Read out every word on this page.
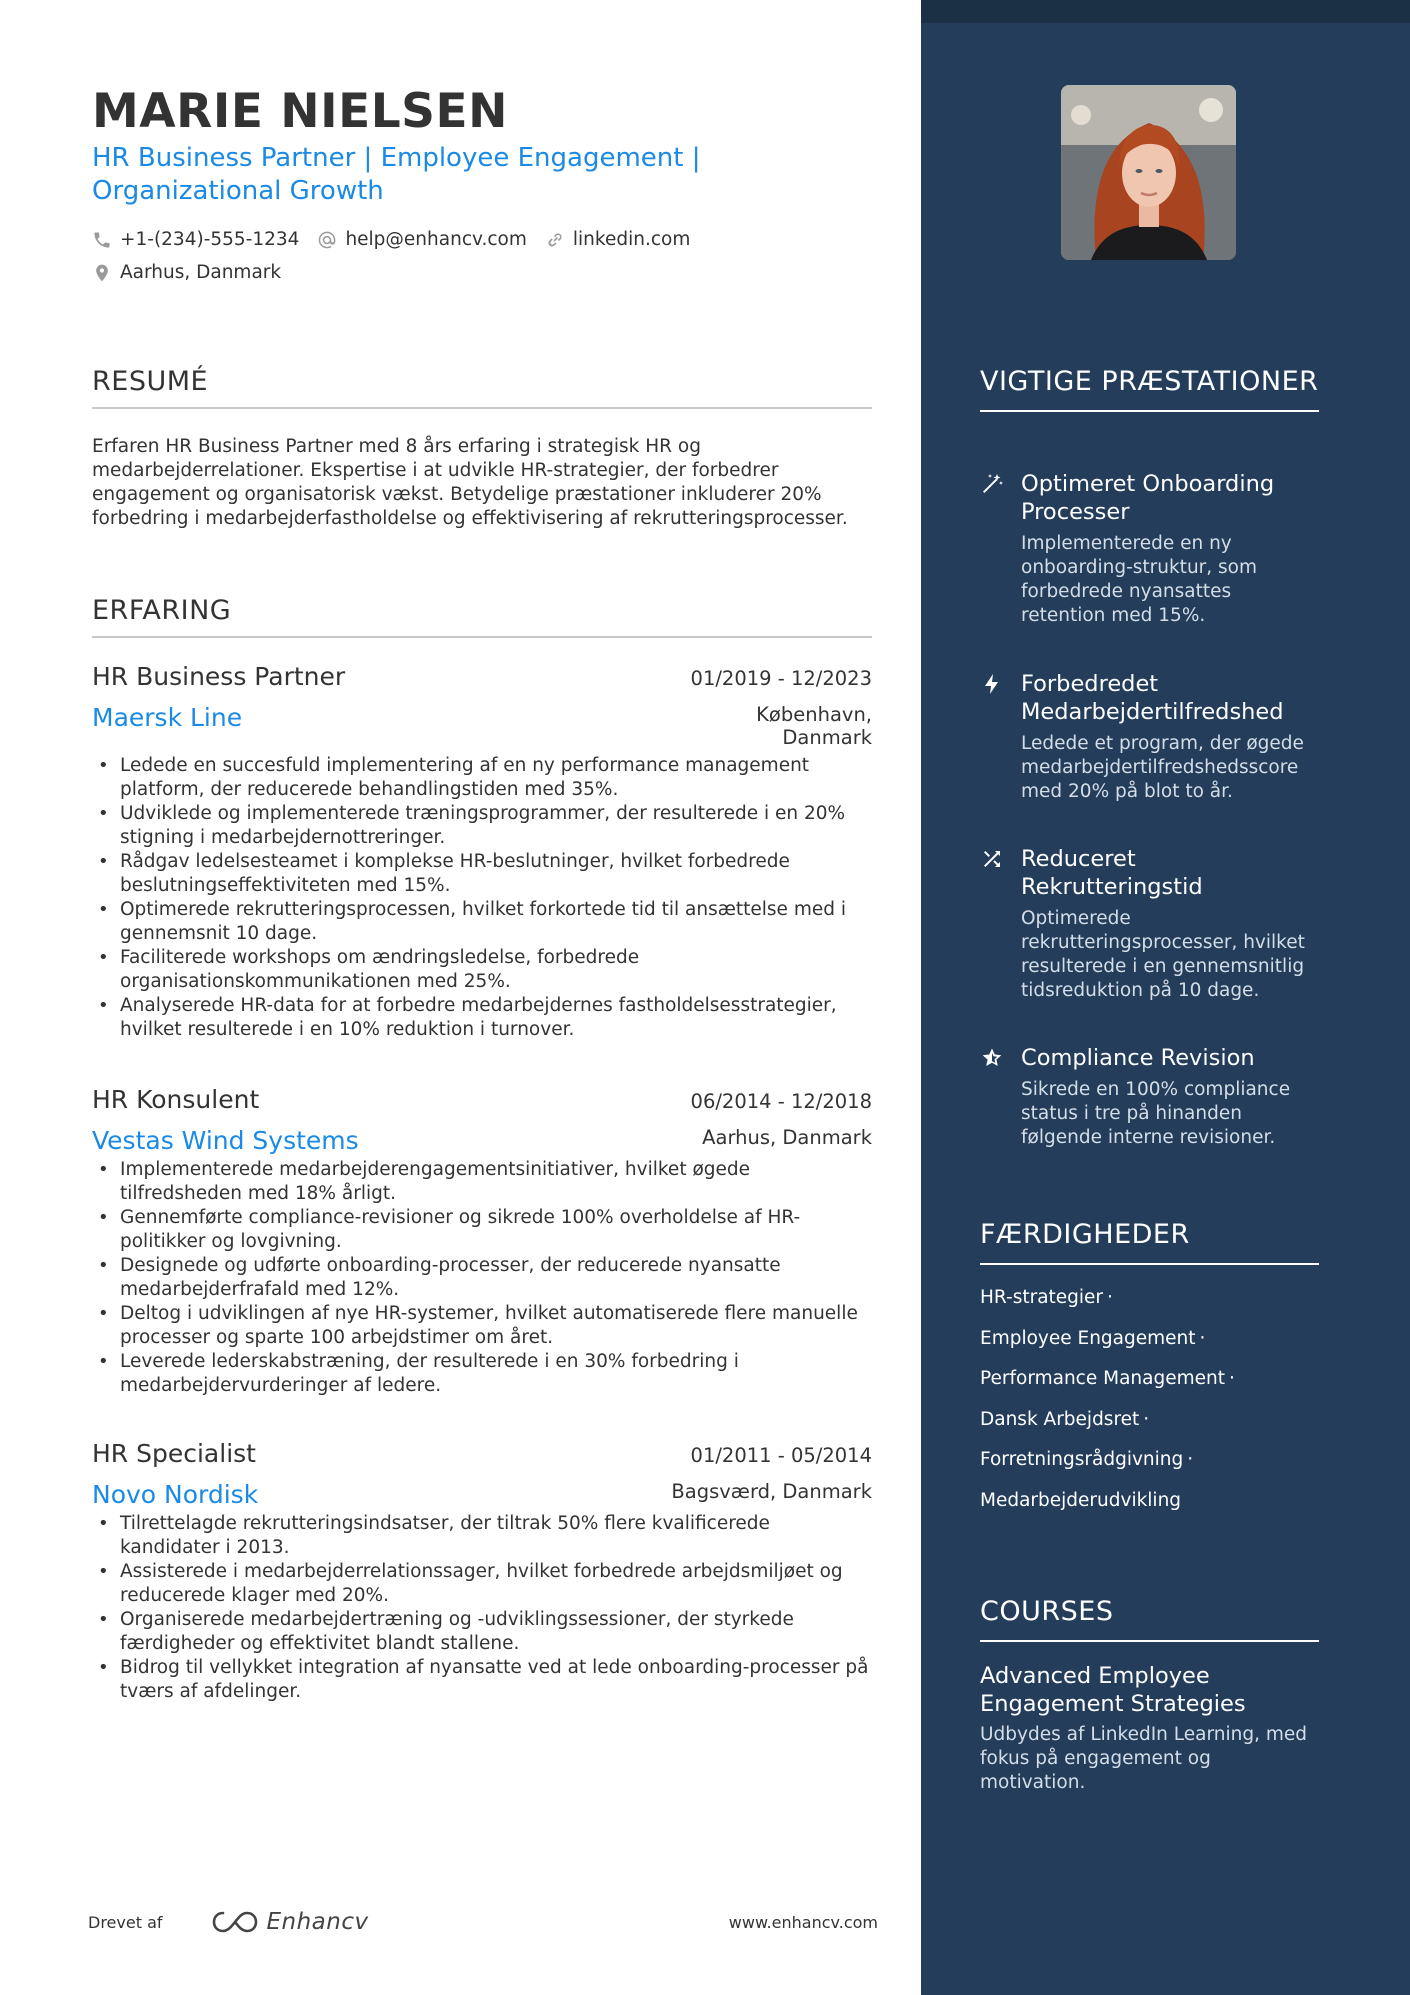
MARIE NIELSEN
HR Business Partner | Employee Engagement | Organizational Growth
+1-(234)-555-1234 help@enhancv.com linkedin.com
Aarhus, Danmark
RESUMÉ
Erfaren HR Business Partner med 8 års erfaring i strategisk HR og medarbejderrelationer. Ekspertise i at udvikle HR-strategier, der forbedrer engagement og organisatorisk vækst. Betydelige præstationer inkluderer 20% forbedring i medarbejderfastholdelse og effektivisering af rekrutteringsprocesser.
ERFARING
HR Business Partner	01/2019 - 12/2023
Maersk Line	København, Danmark
• Ledede en succesfuld implementering af en ny performance management platform, der reducerede behandlingstiden med 35%.
• Udviklede og implementerede træningsprogrammer, der resulterede i en 20% stigning i medarbejdernottreringer.
• Rådgav ledelsesteamet i komplekse HR-beslutninger, hvilket forbedrede beslutningseffektiviteten med 15%.
• Optimerede rekrutteringsprocessen, hvilket forkortede tid til ansættelse med i gennemsnit 10 dage.
• Faciliterede workshops om ændringsledelse, forbedrede organisationskommunikationen med 25%.
• Analyserede HR-data for at forbedre medarbejdernes fastholdelsesstrategier, hvilket resulterede i en 10% reduktion i turnover.
HR Konsulent	06/2014 - 12/2018
Vestas Wind Systems	Aarhus, Danmark
• Implementerede medarbejderengagementsinitiativer, hvilket øgede tilfredsheden med 18% årligt.
• Gennemførte compliance-revisioner og sikrede 100% overholdelse af HR-politikker og lovgivning.
• Designede og udførte onboarding-processer, der reducerede nyansatte medarbejderfrafald med 12%.
• Deltog i udviklingen af nye HR-systemer, hvilket automatiserede flere manuelle processer og sparte 100 arbejdstimer om året.
• Leverede lederskabstræning, der resulterede i en 30% forbedring i medarbejdervurderinger af ledere.
HR Specialist	01/2011 - 05/2014
Novo Nordisk	Bagsværd, Danmark
• Tilrettelagde rekrutteringsindsatser, der tiltrak 50% flere kvalificerede kandidater i 2013.
• Assisterede i medarbejderrelationssager, hvilket forbedrede arbejdsmiljøet og reducerede klager med 20%.
• Organiserede medarbejdertræning og -udviklingssessioner, der styrkede færdigheder og effektivitet blandt stallene.
• Bidrog til vellykket integration af nyansatte ved at lede onboarding-processer på tværs af afdelinger.
Drevet af	Enhancv	www.enhancv.com
VIGTIGE PRÆSTATIONER
Optimeret Onboarding Processer
Implementerede en ny onboarding-struktur, som forbedrede nyansattes retention med 15%.
Forbedredet Medarbejdertilfredshed
Ledede et program, der øgede medarbejdertilfredshedsscore med 20% på blot to år.
Reduceret Rekrutteringstid
Optimerede rekrutteringsprocesser, hvilket resulterede i en gennemsnitlig tidsreduktion på 10 dage.
Compliance Revision
Sikrede en 100% compliance status i tre på hinanden følgende interne revisioner.
FÆRDIGHEDER
HR-strategier ·
Employee Engagement ·
Performance Management ·
Dansk Arbejdsret ·
Forretningsrådgivning ·
Medarbejderudvikling
COURSES
Advanced Employee Engagement Strategies
Udbydes af LinkedIn Learning, med fokus på engagement og motivation.
